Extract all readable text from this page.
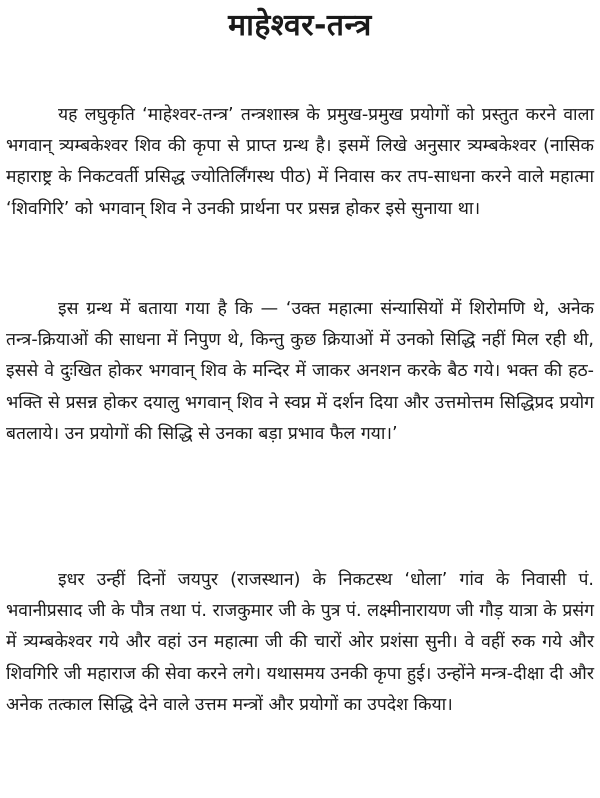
माहेश्वर-तन्त्र

यह लघुकृति ‘माहेश्वर-तन्त्र’ तन्त्रशास्त्र के प्रमुख-प्रमुख प्रयोगों को प्रस्तुत करने वाला भगवान् त्र्यम्बकेश्वर शिव की कृपा से प्राप्त ग्रन्थ है। इसमें लिखे अनुसार त्र्यम्बकेश्वर (नासिक महाराष्ट्र के निकटवर्ती प्रसिद्ध ज्योतिर्लिंगस्थ पीठ) में निवास कर तप-साधना करने वाले महात्मा ‘शिवगिरि’ को भगवान् शिव ने उनकी प्रार्थना पर प्रसन्न होकर इसे सुनाया था।

इस ग्रन्थ में बताया गया है कि — ‘उक्त महात्मा संन्यासियों में शिरोमणि थे, अनेक तन्त्र-क्रियाओं की साधना में निपुण थे, किन्तु कुछ क्रियाओं में उनको सिद्धि नहीं मिल रही थी, इससे वे दुःखित होकर भगवान् शिव के मन्दिर में जाकर अनशन करके बैठ गये। भक्त की हठ-भक्ति से प्रसन्न होकर दयालु भगवान् शिव ने स्वप्न में दर्शन दिया और उत्तमोत्तम सिद्धिप्रद प्रयोग बतलाये। उन प्रयोगों की सिद्धि से उनका बड़ा प्रभाव फैल गया।’

इधर उन्हीं दिनों जयपुर (राजस्थान) के निकटस्थ ‘धोला’ गांव के निवासी पं. भवानीप्रसाद जी के पौत्र तथा पं. राजकुमार जी के पुत्र पं. लक्ष्मीनारायण जी गौड़ यात्रा के प्रसंग में त्र्यम्बकेश्वर गये और वहां उन महात्मा जी की चारों ओर प्रशंसा सुनी। वे वहीं रुक गये और शिवगिरि जी महाराज की सेवा करने लगे। यथासमय उनकी कृपा हुई। उन्होंने मन्त्र-दीक्षा दी और अनेक तत्काल सिद्धि देने वाले उत्तम मन्त्रों और प्रयोगों का उपदेश किया।
